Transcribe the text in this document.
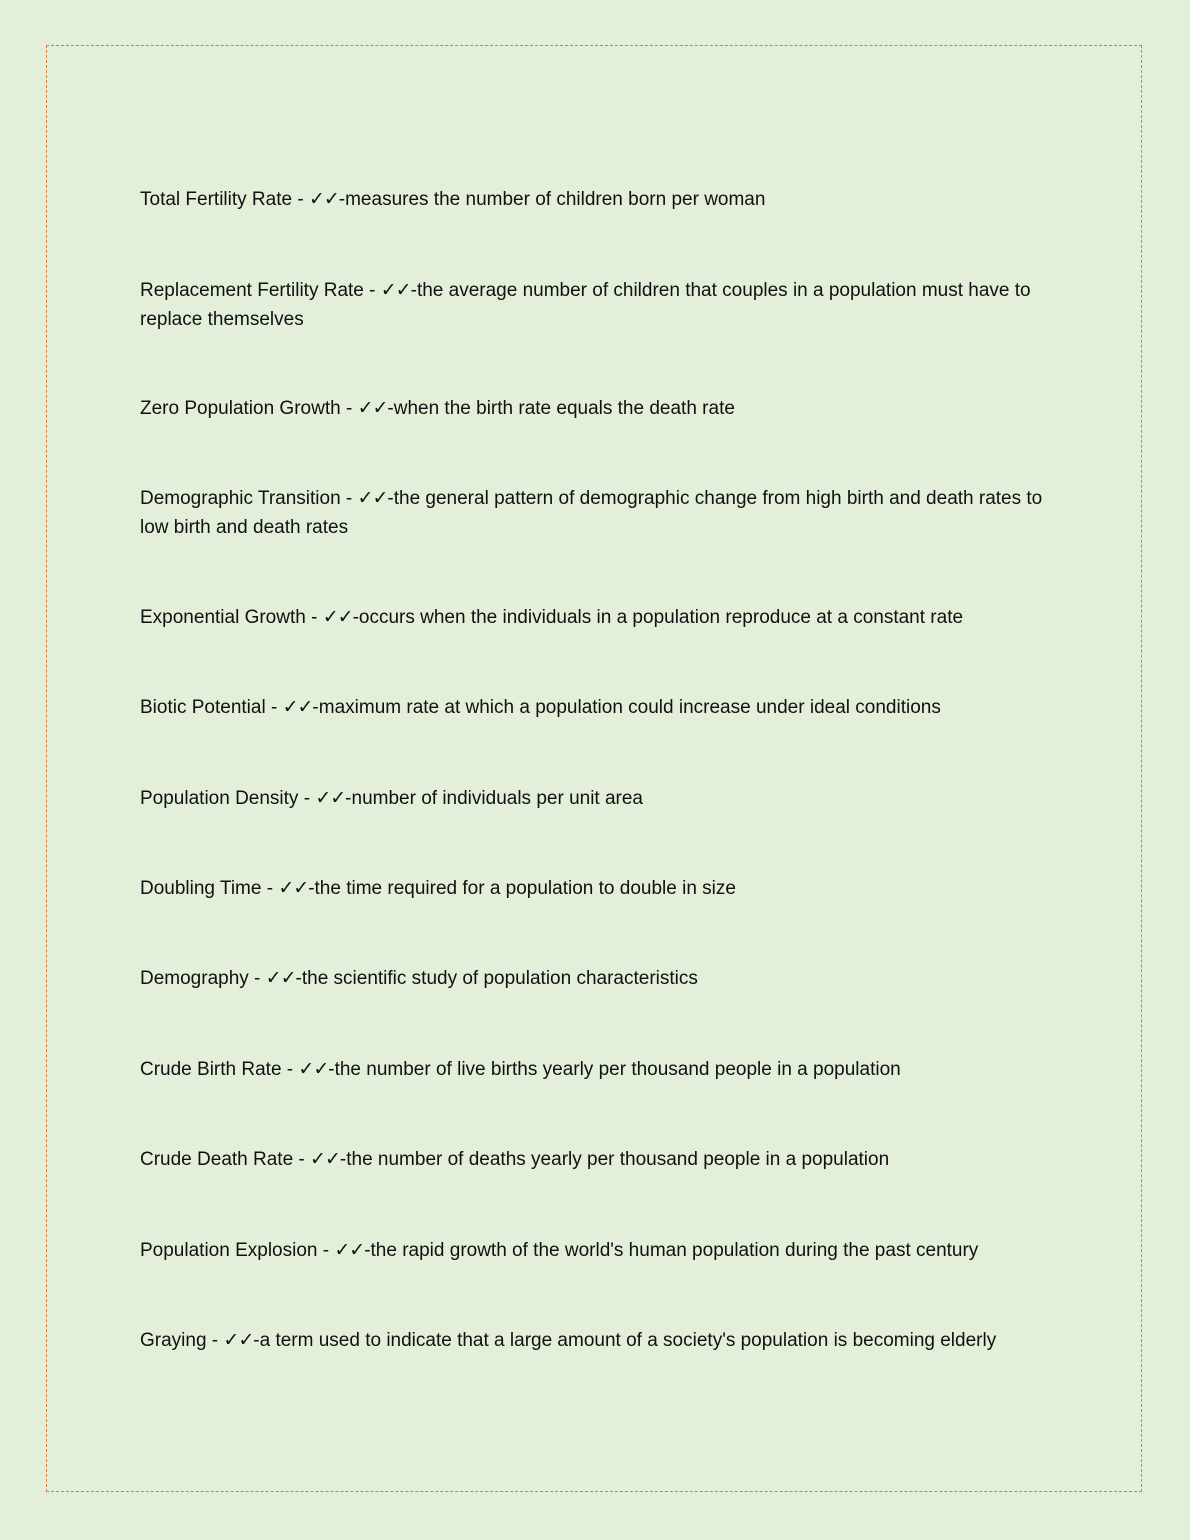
Total Fertility Rate - ✓✓-measures the number of children born per woman

Replacement Fertility Rate - ✓✓-the average number of children that couples in a population must have to replace themselves

Zero Population Growth - ✓✓-when the birth rate equals the death rate

Demographic Transition - ✓✓-the general pattern of demographic change from high birth and death rates to low birth and death rates

Exponential Growth - ✓✓-occurs when the individuals in a population reproduce at a constant rate

Biotic Potential - ✓✓-maximum rate at which a population could increase under ideal conditions

Population Density - ✓✓-number of individuals per unit area

Doubling Time - ✓✓-the time required for a population to double in size

Demography - ✓✓-the scientific study of population characteristics

Crude Birth Rate - ✓✓-the number of live births yearly per thousand people in a population

Crude Death Rate - ✓✓-the number of deaths yearly per thousand people in a population

Population Explosion - ✓✓-the rapid growth of the world's human population during the past century

Graying - ✓✓-a term used to indicate that a large amount of a society's population is becoming elderly
